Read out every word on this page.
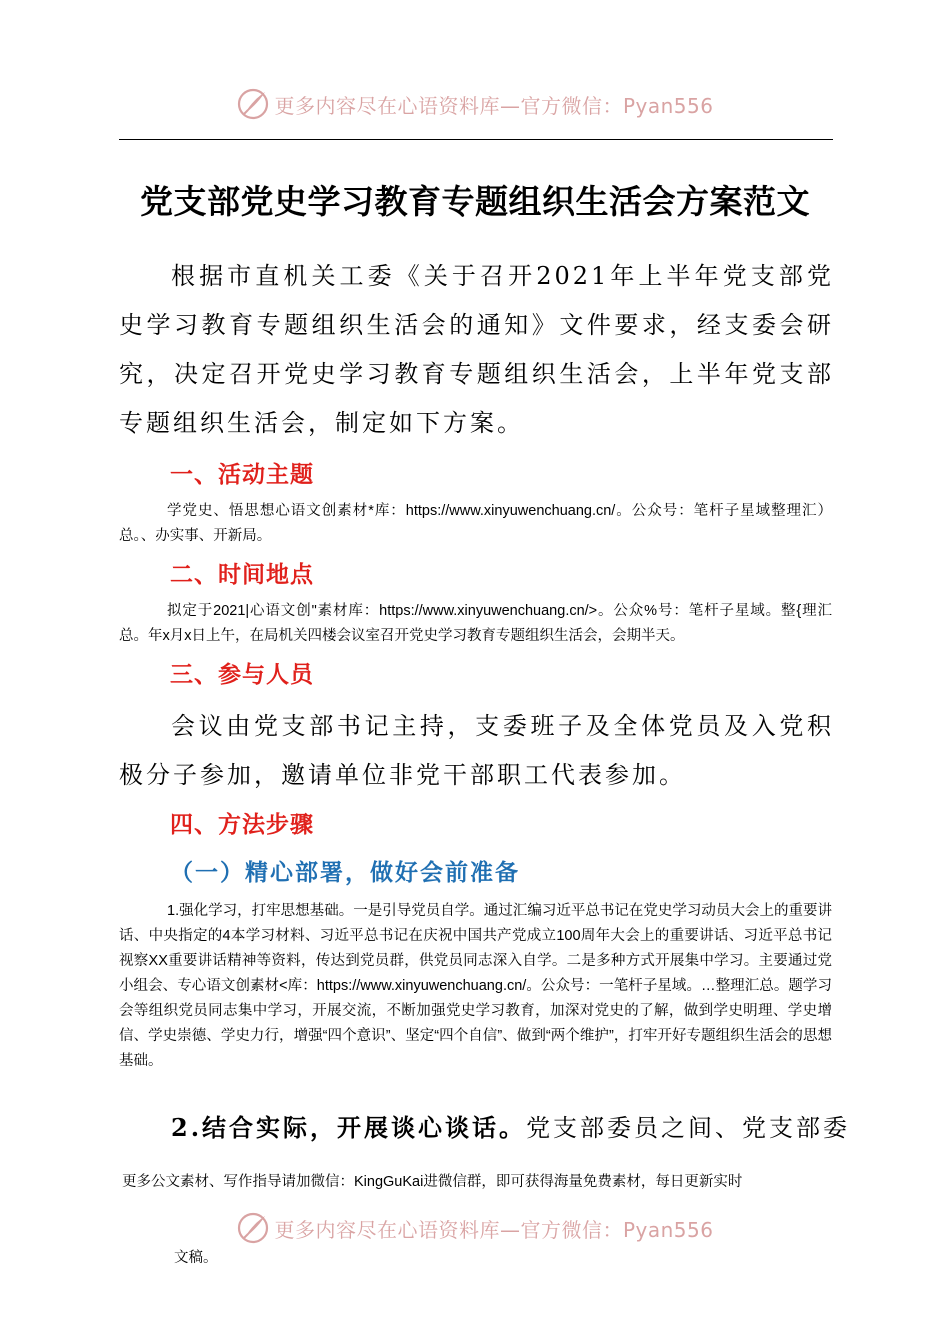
更多内容尽在心语资料库—官方微信：Pyan556
党支部党史学习教育专题组织生活会方案范文

根据市直机关工委《关于召开2021年上半年党支部党史学习教育专题组织生活会的通知》文件要求，经支委会研究，决定召开党史学习教育专题组织生活会，上半年党支部专题组织生活会，制定如下方案。

一、活动主题

学党史、悟思想心语文创素材*库：https://www.xinyuwenchuang.cn/。公众号：笔杆子星域整理汇）总。、办实事、开新局。

二、时间地点

拟定于2021|心语文创"素材库：https://www.xinyuwenchuang.cn/>。公众%号：笔杆子星域。整{理汇总。年x月x日上午，在局机关四楼会议室召开党史学习教育专题组织生活会，会期半天。

三、参与人员

会议由党支部书记主持，支委班子及全体党员及入党积极分子参加，邀请单位非党干部职工代表参加。

四、方法步骤
（一）精心部署，做好会前准备

1.强化学习，打牢思想基础。一是引导党员自学。通过汇编习近平总书记在党史学习动员大会上的重要讲话、中央指定的4本学习材料、习近平总书记在庆祝中国共产党成立100周年大会上的重要讲话、习近平总书记视察XX重要讲话精神等资料，传达到党员群，供党员同志深入自学。二是多种方式开展集中学习。主要通过党小组会、专心语文创素材<库：https://www.xinyuwenchuang.cn/。公众号：一笔杆子星域。…整理汇总。题学习会等组织党员同志集中学习，开展交流，不断加强党史学习教育，加深对党史的了解，做到学史明理、学史增信、学史崇德、学史力行，增强“四个意识”、坚定“四个自信”、做到“两个维护”，打牢开好专题组织生活会的思想基础。

2.结合实际，开展谈心谈话。党支部委员之间、党支部委

更多公文素材、写作指导请加微信：KingGuKai进微信群，即可获得海量免费素材，每日更新实时

更多内容尽在心语资料库—官方微信：Pyan556

文稿。
